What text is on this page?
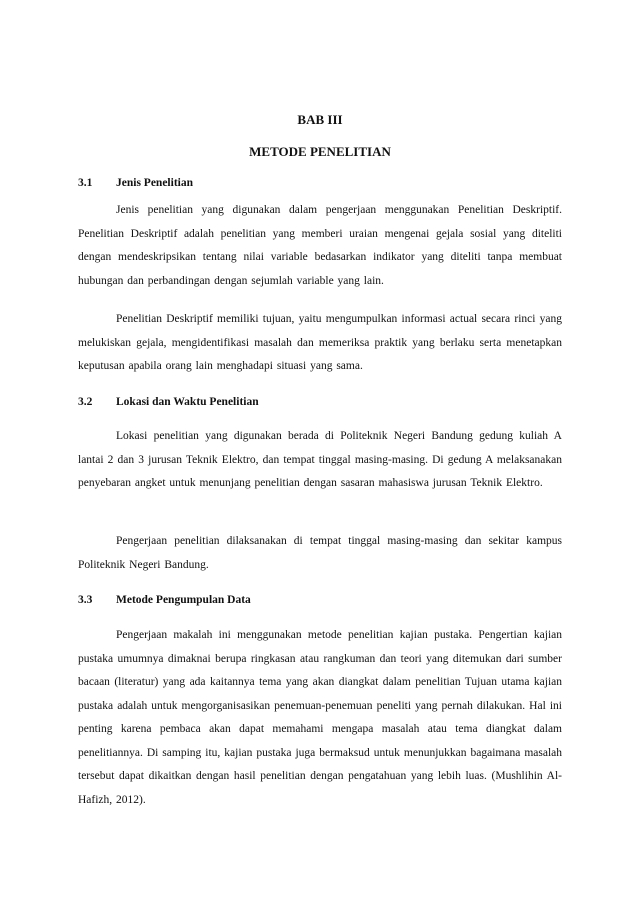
BAB III
METODE PENELITIAN
3.1 Jenis Penelitian

Jenis penelitian yang digunakan dalam pengerjaan menggunakan Penelitian Deskriptif. Penelitian Deskriptif adalah penelitian yang memberi uraian mengenai gejala sosial yang diteliti dengan mendeskripsikan tentang nilai variable bedasarkan indikator yang diteliti tanpa membuat hubungan dan perbandingan dengan sejumlah variable yang lain.

Penelitian Deskriptif memiliki tujuan, yaitu mengumpulkan informasi actual secara rinci yang melukiskan gejala, mengidentifikasi masalah dan memeriksa praktik yang berlaku serta menetapkan keputusan apabila orang lain menghadapi situasi yang sama.

3.2 Lokasi dan Waktu Penelitian

Lokasi penelitian yang digunakan berada di Politeknik Negeri Bandung gedung kuliah A lantai 2 dan 3 jurusan Teknik Elektro, dan tempat tinggal masing-masing. Di gedung A melaksanakan penyebaran angket untuk menunjang penelitian dengan sasaran mahasiswa jurusan Teknik Elektro.

Pengerjaan penelitian dilaksanakan di tempat tinggal masing-masing dan sekitar kampus Politeknik Negeri Bandung.

3.3 Metode Pengumpulan Data

Pengerjaan makalah ini menggunakan metode penelitian kajian pustaka. Pengertian kajian pustaka umumnya dimaknai berupa ringkasan atau rangkuman dan teori yang ditemukan dari sumber bacaan (literatur) yang ada kaitannya tema yang akan diangkat dalam penelitian Tujuan utama kajian pustaka adalah untuk mengorganisasikan penemuan-penemuan peneliti yang pernah dilakukan. Hal ini penting karena pembaca akan dapat memahami mengapa masalah atau tema diangkat dalam penelitiannya. Di samping itu, kajian pustaka juga bermaksud untuk menunjukkan bagaimana masalah tersebut dapat dikaitkan dengan hasil penelitian dengan pengatahuan yang lebih luas. (Mushlihin Al-Hafizh, 2012).
